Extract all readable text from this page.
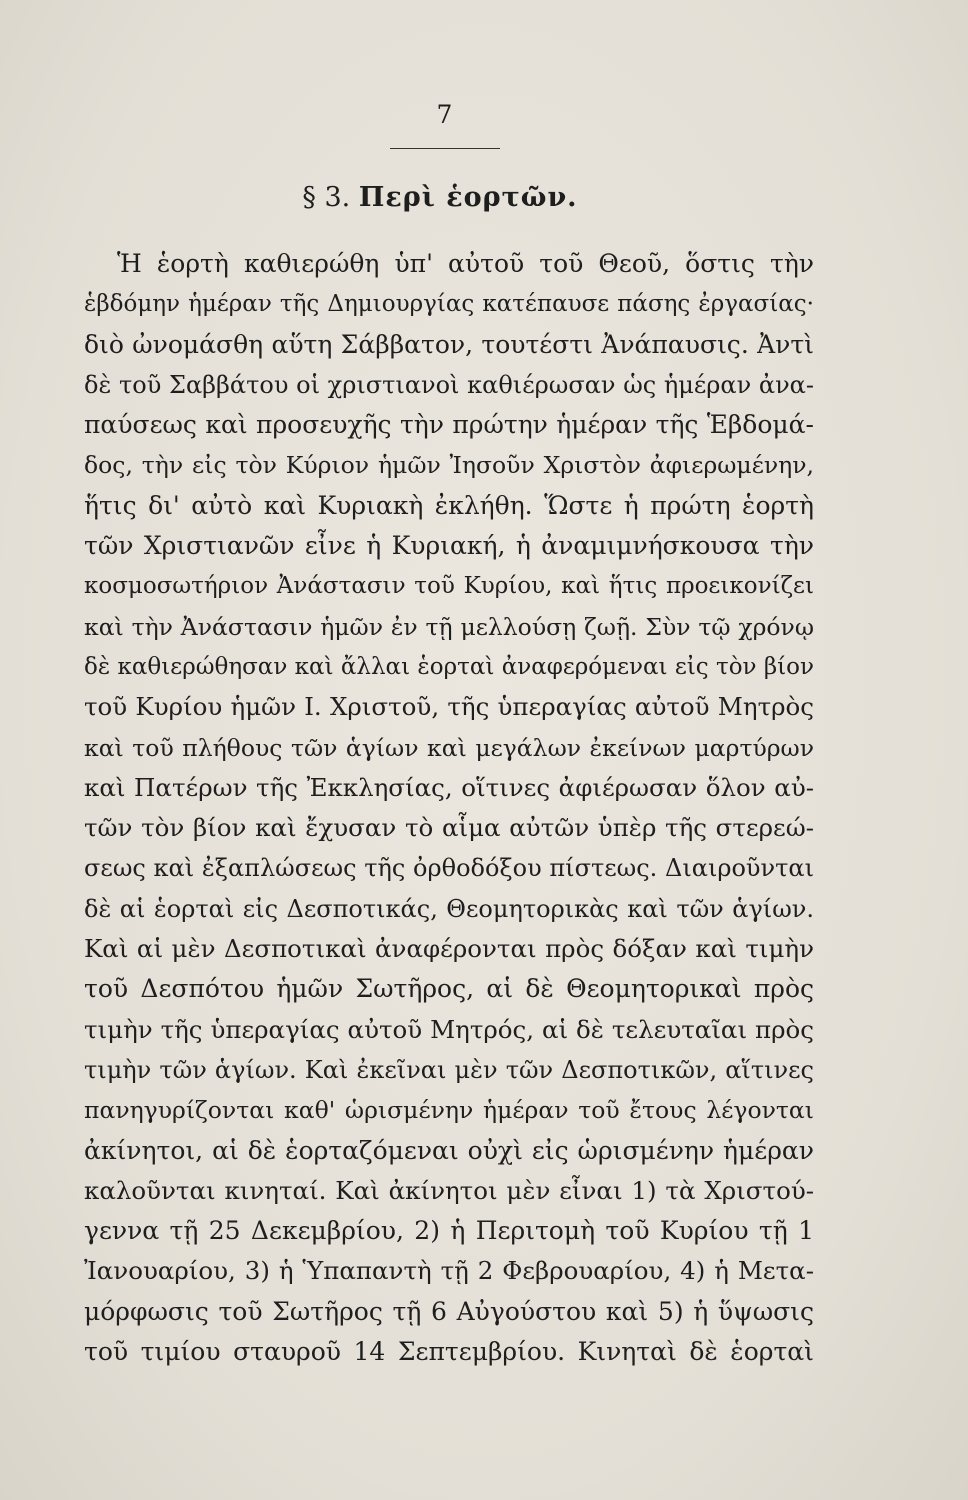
7
§ 3. Περὶ ἑορτῶν.
Ἡ ἑορτὴ καθιερώθη ὑπ' αὐτοῦ τοῦ Θεοῦ, ὅστις τὴν
ἑβδόμην ἡμέραν τῆς Δημιουργίας κατέπαυσε πάσης ἐργασίας·
διὸ ὠνομάσθη αὕτη Σάββατον, τουτέστι Ἀνάπαυσις. Ἀντὶ
δὲ τοῦ Σαββάτου οἱ χριστιανοὶ καθιέρωσαν ὡς ἡμέραν ἀνα-
παύσεως καὶ προσευχῆς τὴν πρώτην ἡμέραν τῆς Ἑβδομά-
δος, τὴν εἰς τὸν Κύριον ἡμῶν Ἰησοῦν Χριστὸν ἀφιερωμένην,
ἥτις δι' αὐτὸ καὶ Κυριακὴ ἐκλήθη. Ὥστε ἡ πρώτη ἑορτὴ
τῶν Χριστιανῶν εἶνε ἡ Κυριακή, ἡ ἀναμιμνήσκουσα τὴν
κοσμοσωτήριον Ἀνάστασιν τοῦ Κυρίου, καὶ ἥτις προεικονίζει
καὶ τὴν Ἀνάστασιν ἡμῶν ἐν τῇ μελλούσῃ ζωῇ. Σὺν τῷ χρόνῳ
δὲ καθιερώθησαν καὶ ἄλλαι ἑορταὶ ἀναφερόμεναι εἰς τὸν βίον
τοῦ Κυρίου ἡμῶν Ι. Χριστοῦ, τῆς ὑπεραγίας αὐτοῦ Μητρὸς
καὶ τοῦ πλήθους τῶν ἁγίων καὶ μεγάλων ἐκείνων μαρτύρων
καὶ Πατέρων τῆς Ἐκκλησίας, οἵτινες ἀφιέρωσαν ὅλον αὐ-
τῶν τὸν βίον καὶ ἔχυσαν τὸ αἷμα αὐτῶν ὑπὲρ τῆς στερεώ-
σεως καὶ ἐξαπλώσεως τῆς ὀρθοδόξου πίστεως. Διαιροῦνται
δὲ αἱ ἑορταὶ εἰς Δεσποτικάς, Θεομητορικὰς καὶ τῶν ἁγίων.
Καὶ αἱ μὲν Δεσποτικαὶ ἀναφέρονται πρὸς δόξαν καὶ τιμὴν
τοῦ Δεσπότου ἡμῶν Σωτῆρος, αἱ δὲ Θεομητορικαὶ πρὸς
τιμὴν τῆς ὑπεραγίας αὐτοῦ Μητρός, αἱ δὲ τελευταῖαι πρὸς
τιμὴν τῶν ἁγίων. Καὶ ἐκεῖναι μὲν τῶν Δεσποτικῶν, αἵτινες
πανηγυρίζονται καθ' ὡρισμένην ἡμέραν τοῦ ἔτους λέγονται
ἀκίνητοι, αἱ δὲ ἑορταζόμεναι οὐχὶ εἰς ὡρισμένην ἡμέραν
καλοῦνται κινηταί. Καὶ ἀκίνητοι μὲν εἶναι 1) τὰ Χριστού-
γεννα τῇ 25 Δεκεμβρίου, 2) ἡ Περιτομὴ τοῦ Κυρίου τῇ 1
Ἰανουαρίου, 3) ἡ Ὑπαπαντὴ τῇ 2 Φεβρουαρίου, 4) ἡ Μετα-
μόρφωσις τοῦ Σωτῆρος τῇ 6 Αὐγούστου καὶ 5) ἡ ὕψωσις
τοῦ τιμίου σταυροῦ 14 Σεπτεμβρίου. Κινηταὶ δὲ ἑορταὶ
